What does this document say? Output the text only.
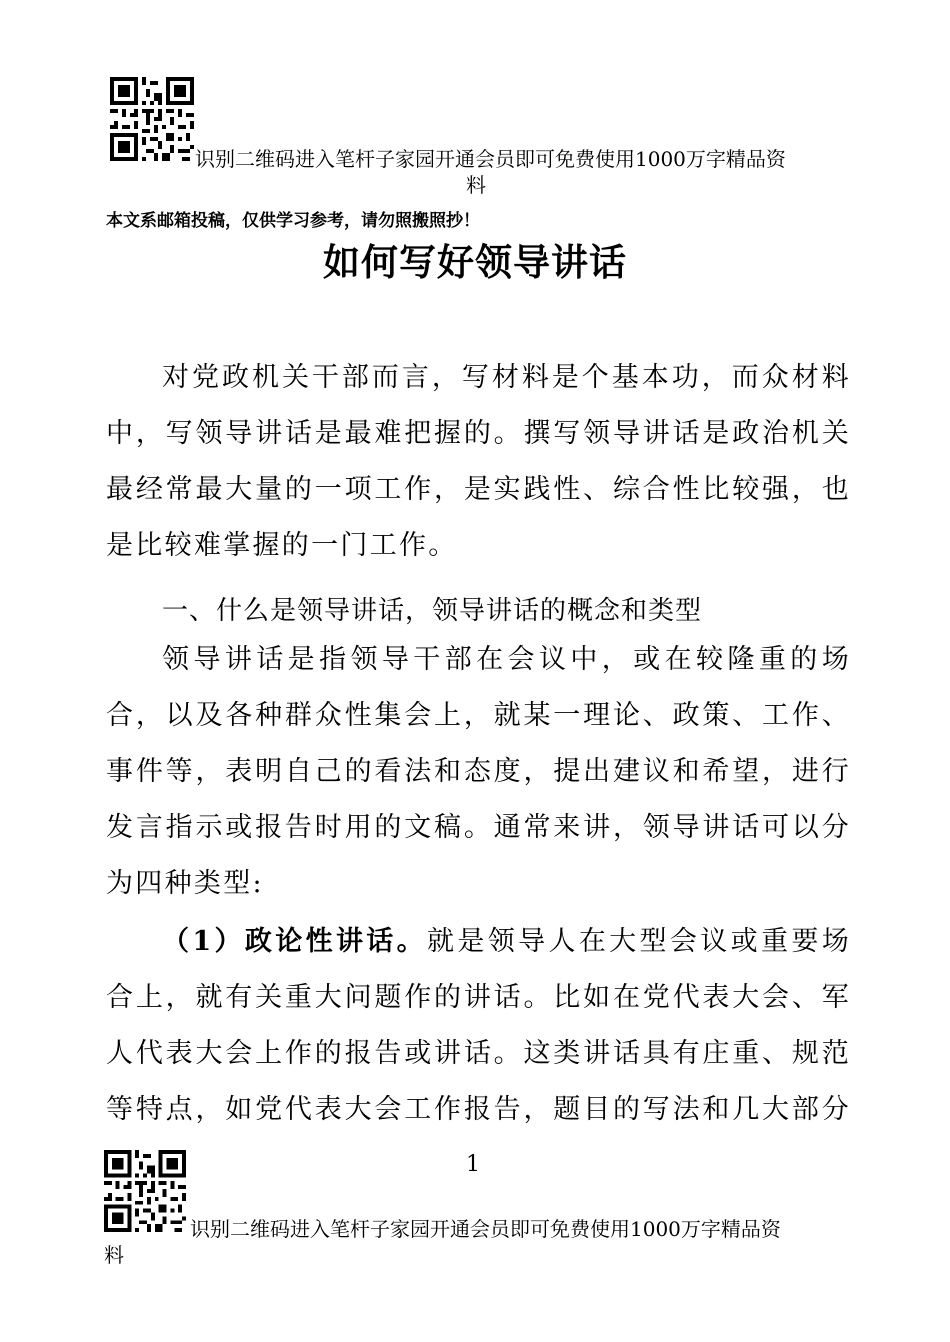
识别二维码进入笔杆子家园开通会员即可免费使用1000万字精品资
料
本文系邮箱投稿，仅供学习参考，请勿照搬照抄！
如何写好领导讲话
对党政机关干部而言，写材料是个基本功，而众材料中，写领导讲话是最难把握的。撰写领导讲话是政治机关最经常最大量的一项工作，是实践性、综合性比较强，也是比较难掌握的一门工作。
一、什么是领导讲话，领导讲话的概念和类型
领导讲话是指领导干部在会议中，或在较隆重的场合，以及各种群众性集会上，就某一理论、政策、工作、事件等，表明自己的看法和态度，提出建议和希望，进行发言指示或报告时用的文稿。通常来讲，领导讲话可以分为四种类型:
（1）政论性讲话。就是领导人在大型会议或重要场合上，就有关重大问题作的讲话。比如在党代表大会、军人代表大会上作的报告或讲话。这类讲话具有庄重、规范等特点，如党代表大会工作报告，题目的写法和几大部分
1
识别二维码进入笔杆子家园开通会员即可免费使用1000万字精品资
料
